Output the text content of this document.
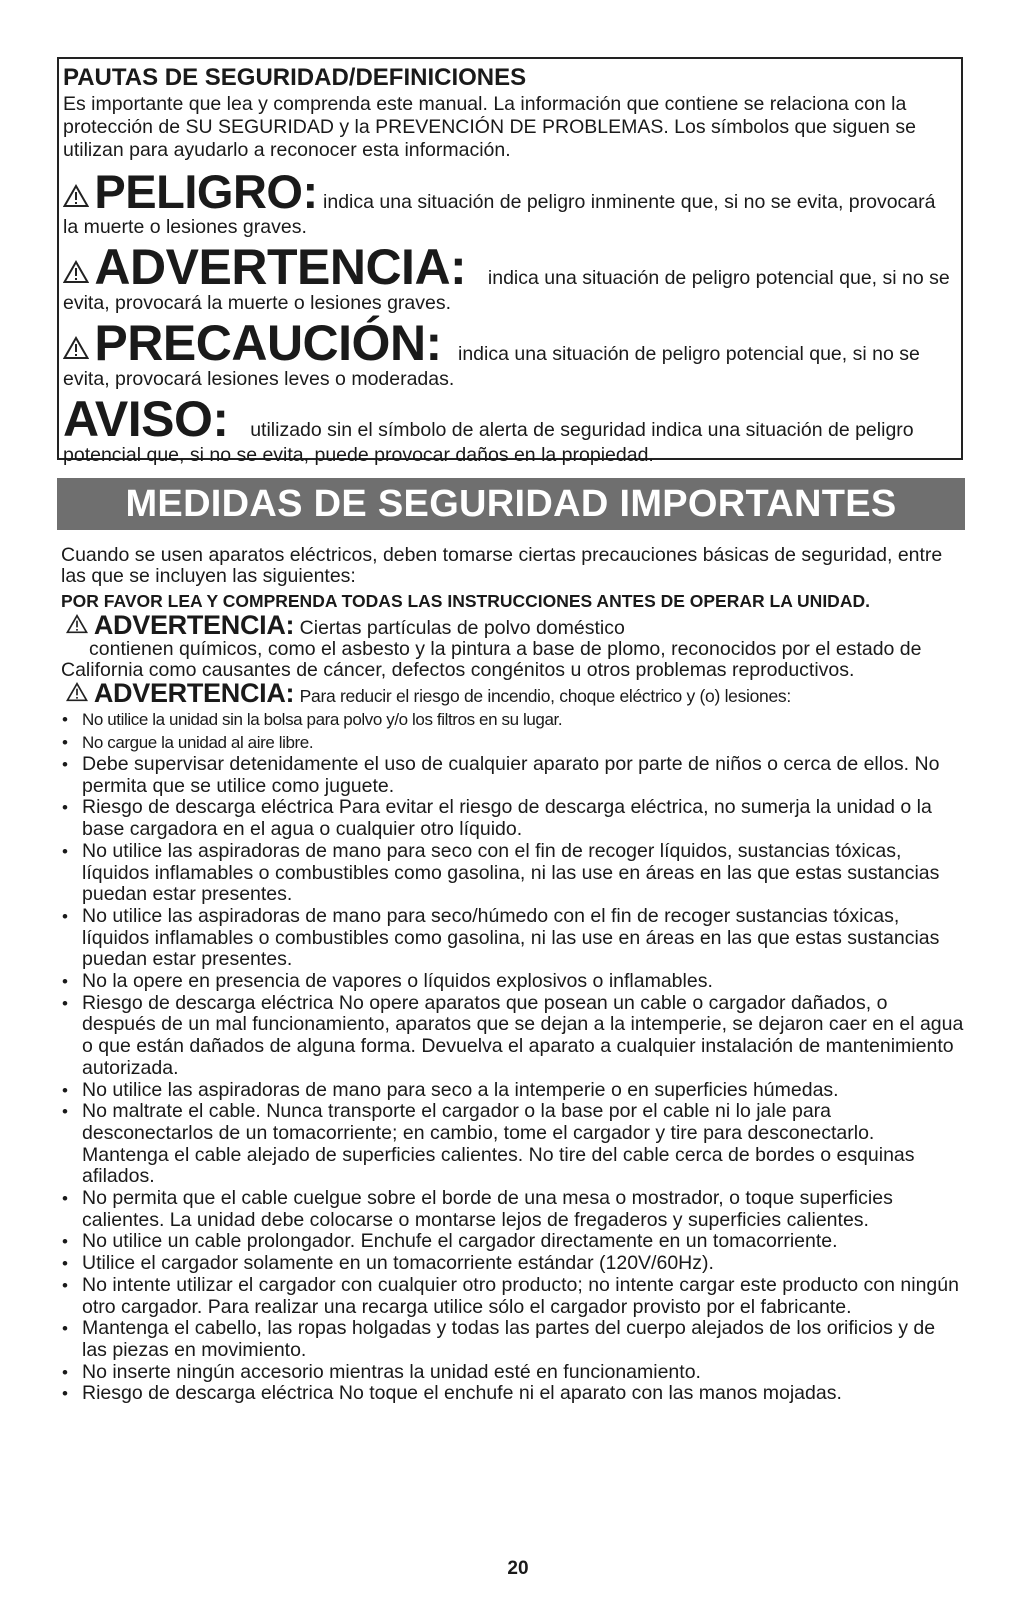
PAUTAS DE SEGURIDAD/DEFINICIONES

Es importante que lea y comprenda este manual. La información que contiene se relaciona con la protección de SU SEGURIDAD y la PREVENCIÓN DE PROBLEMAS. Los símbolos que siguen se utilizan para ayudarlo a reconocer esta información.

PELIGRO: indica una situación de peligro inminente que, si no se evita, provocará la muerte o lesiones graves.

ADVERTENCIA: indica una situación de peligro potencial que, si no se evita, provocará la muerte o lesiones graves.

PRECAUCIÓN: indica una situación de peligro potencial que, si no se evita, provocará lesiones leves o moderadas.

AVISO: utilizado sin el símbolo de alerta de seguridad indica una situación de peligro potencial que, si no se evita, puede provocar daños en la propiedad.

MEDIDAS DE SEGURIDAD IMPORTANTES

Cuando se usen aparatos eléctricos, deben tomarse ciertas precauciones básicas de seguridad, entre las que se incluyen las siguientes:

POR FAVOR LEA Y COMPRENDA TODAS LAS INSTRUCCIONES ANTES DE OPERAR LA UNIDAD.

ADVERTENCIA: Ciertas partículas de polvo doméstico
contienen químicos, como el asbesto y la pintura a base de plomo, reconocidos por el estado de California como causantes de cáncer, defectos congénitos u otros problemas reproductivos.

ADVERTENCIA: Para reducir el riesgo de incendio, choque eléctrico y (o) lesiones:

• No utilice la unidad sin la bolsa para polvo y/o los filtros en su lugar.
• No cargue la unidad al aire libre.
• Debe supervisar detenidamente el uso de cualquier aparato por parte de niños o cerca de ellos. No permita que se utilice como juguete.
• Riesgo de descarga eléctrica Para evitar el riesgo de descarga eléctrica, no sumerja la unidad o la base cargadora en el agua o cualquier otro líquido.
• No utilice las aspiradoras de mano para seco con el fin de recoger líquidos, sustancias tóxicas, líquidos inflamables o combustibles como gasolina, ni las use en áreas en las que estas sustancias puedan estar presentes.
• No utilice las aspiradoras de mano para seco/húmedo con el fin de recoger sustancias tóxicas, líquidos inflamables o combustibles como gasolina, ni las use en áreas en las que estas sustancias puedan estar presentes.
• No la opere en presencia de vapores o líquidos explosivos o inflamables.
• Riesgo de descarga eléctrica No opere aparatos que posean un cable o cargador dañados, o después de un mal funcionamiento, aparatos que se dejan a la intemperie, se dejaron caer en el agua o que están dañados de alguna forma. Devuelva el aparato a cualquier instalación de mantenimiento autorizada.
• No utilice las aspiradoras de mano para seco a la intemperie o en superficies húmedas.
• No maltrate el cable. Nunca transporte el cargador o la base por el cable ni lo jale para desconectarlos de un tomacorriente; en cambio, tome el cargador y tire para desconectarlo. Mantenga el cable alejado de superficies calientes. No tire del cable cerca de bordes o esquinas afilados.
• No permita que el cable cuelgue sobre el borde de una mesa o mostrador, o toque superficies calientes. La unidad debe colocarse o montarse lejos de fregaderos y superficies calientes.
• No utilice un cable prolongador. Enchufe el cargador directamente en un tomacorriente.
• Utilice el cargador solamente en un tomacorriente estándar (120V/60Hz).
• No intente utilizar el cargador con cualquier otro producto; no intente cargar este producto con ningún otro cargador. Para realizar una recarga utilice sólo el cargador provisto por el fabricante.
• Mantenga el cabello, las ropas holgadas y todas las partes del cuerpo alejados de los orificios y de las piezas en movimiento.
• No inserte ningún accesorio mientras la unidad esté en funcionamiento.
• Riesgo de descarga eléctrica No toque el enchufe ni el aparato con las manos mojadas.
20
